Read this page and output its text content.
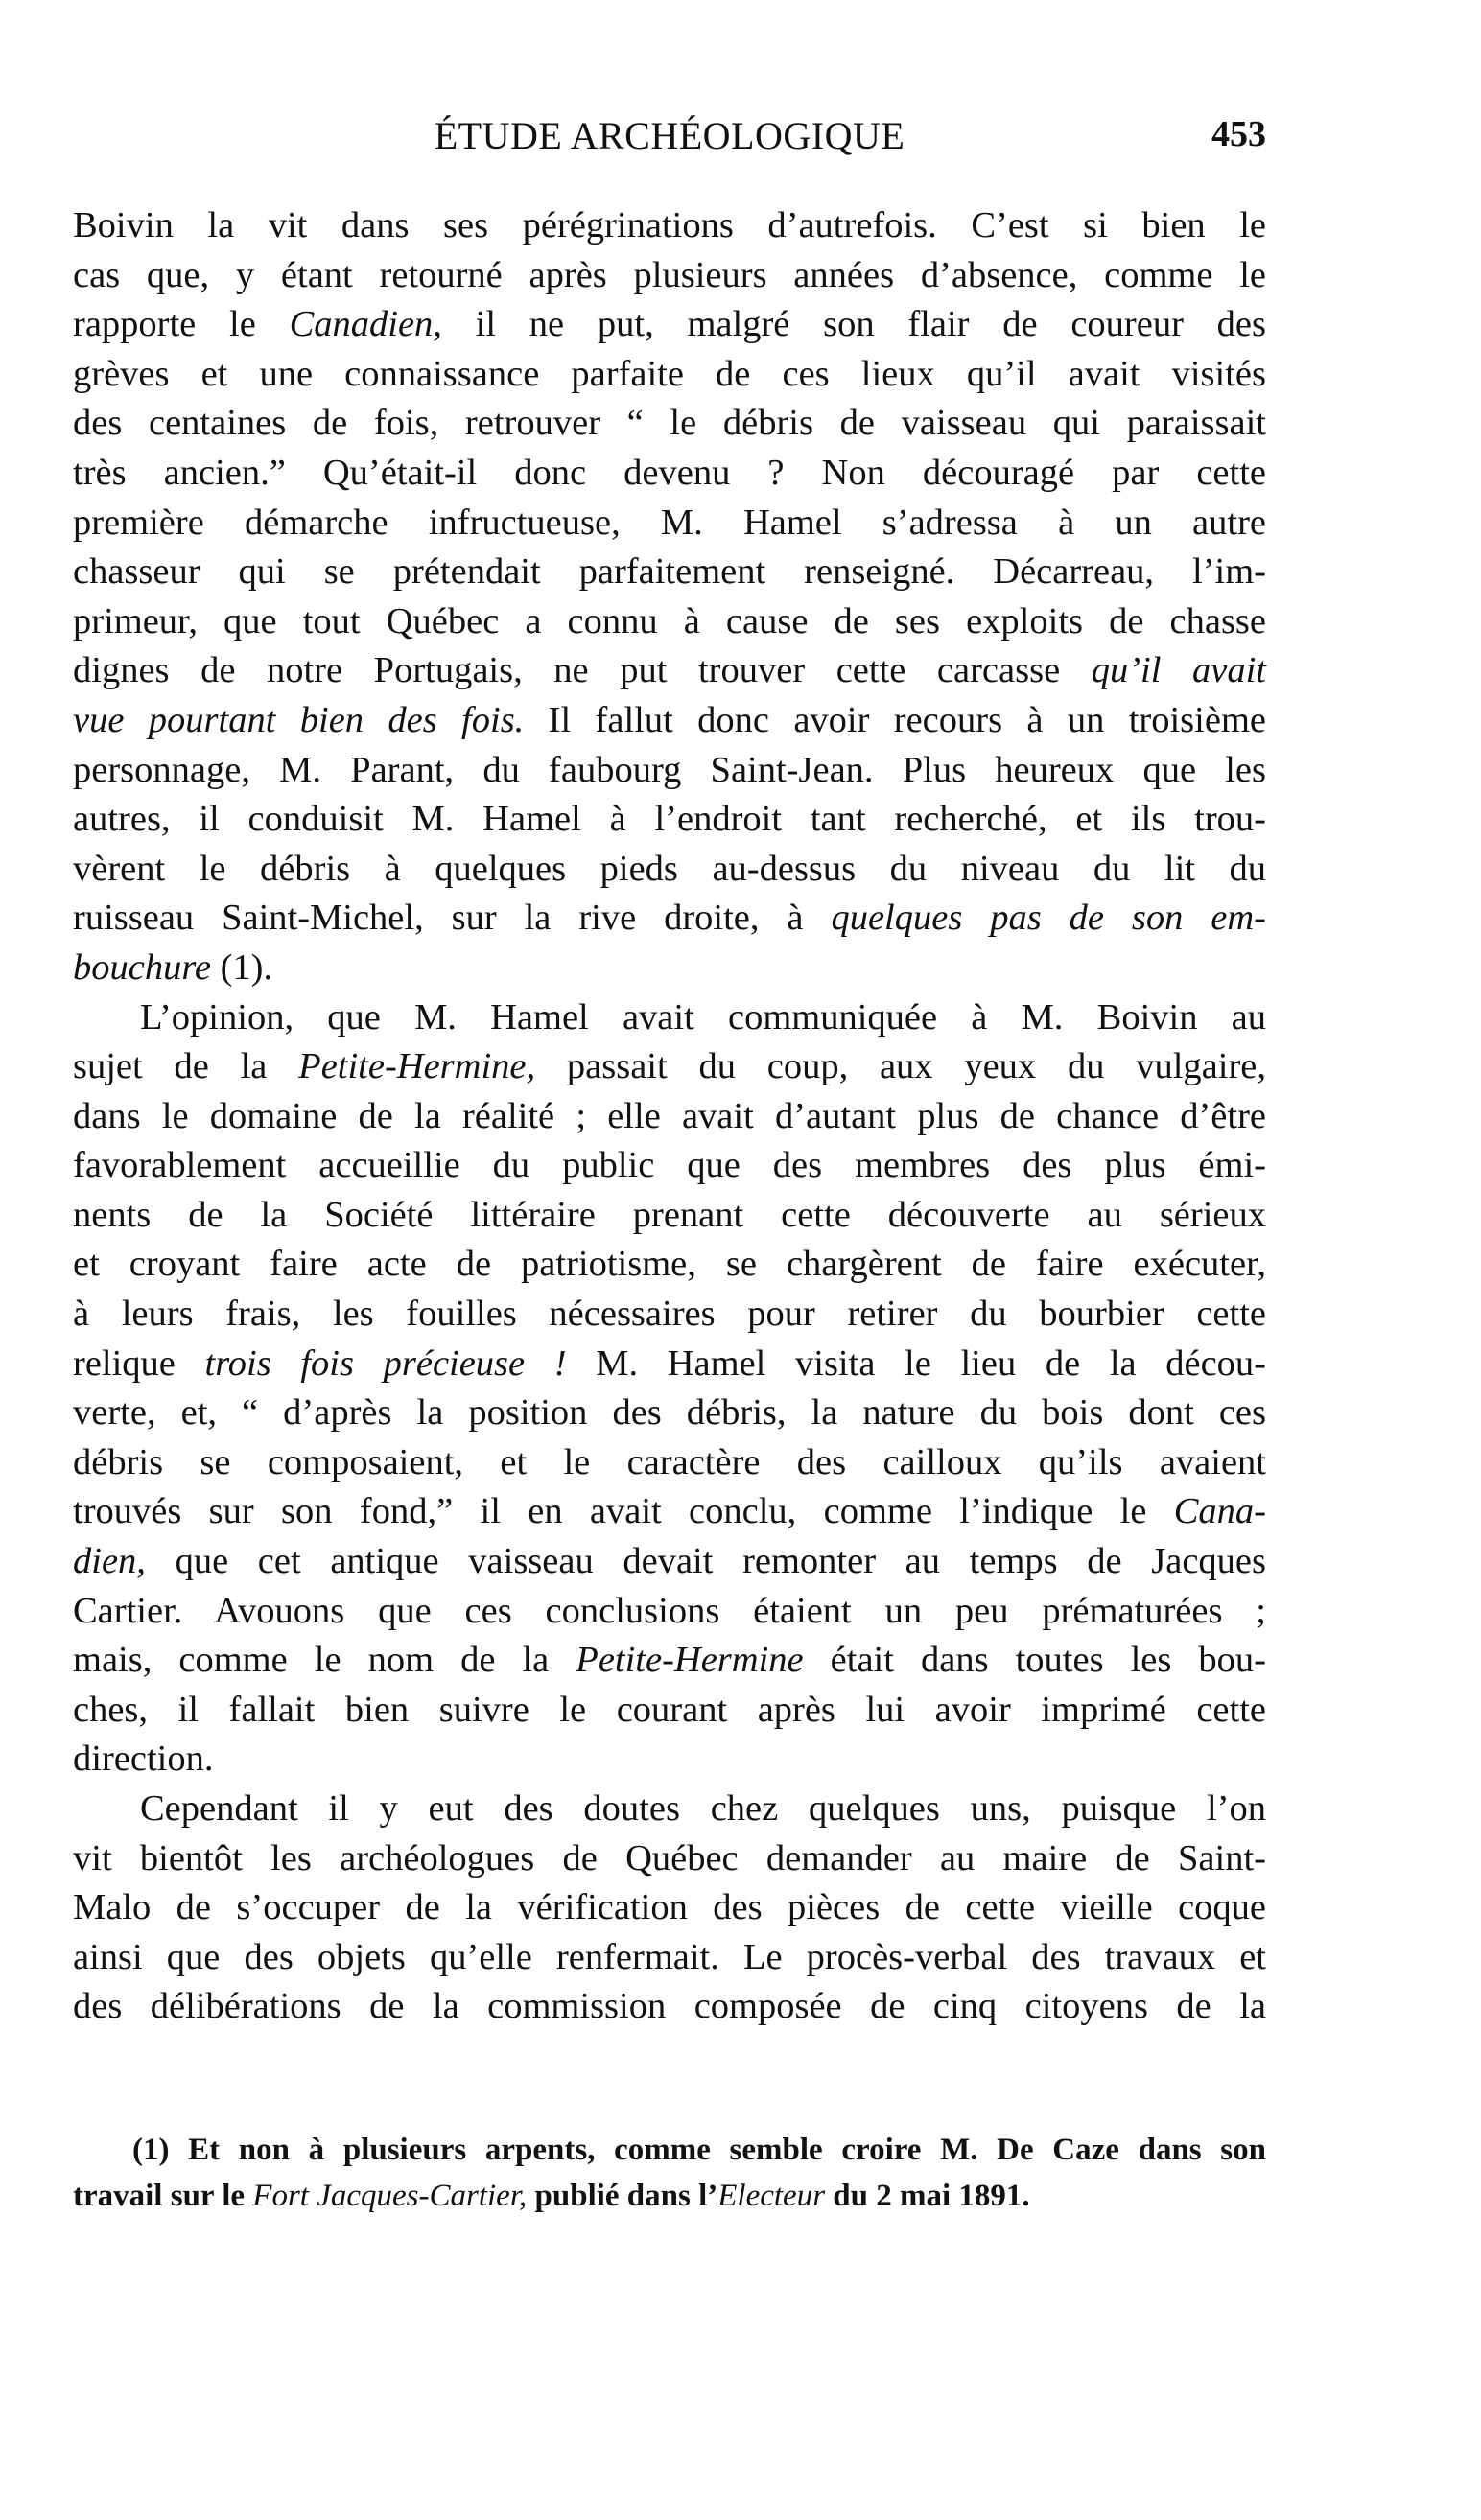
ÉTUDE ARCHÉOLOGIQUE	453
Boivin la vit dans ses pérégrinations d’autrefois. C’est si bien le
cas que, y étant retourné après plusieurs années d’absence, comme le
rapporte le Canadien, il ne put, malgré son flair de coureur des
grèves et une connaissance parfaite de ces lieux qu’il avait visités
des centaines de fois, retrouver “ le débris de vaisseau qui paraissait
très ancien.” Qu’était-il donc devenu ? Non découragé par cette
première démarche infructueuse, M. Hamel s’adressa à un autre
chasseur qui se prétendait parfaitement renseigné. Décarreau, l’im-
primeur, que tout Québec a connu à cause de ses exploits de chasse
dignes de notre Portugais, ne put trouver cette carcasse qu’il avait
vue pourtant bien des fois. Il fallut donc avoir recours à un troisième
personnage, M. Parant, du faubourg Saint-Jean. Plus heureux que les
autres, il conduisit M. Hamel à l’endroit tant recherché, et ils trou-
vèrent le débris à quelques pieds au-dessus du niveau du lit du
ruisseau Saint-Michel, sur la rive droite, à quelques pas de son em-
bouchure (1).
L’opinion, que M. Hamel avait communiquée à M. Boivin au
sujet de la Petite-Hermine, passait du coup, aux yeux du vulgaire,
dans le domaine de la réalité ; elle avait d’autant plus de chance d’être
favorablement accueillie du public que des membres des plus émi-
nents de la Société littéraire prenant cette découverte au sérieux
et croyant faire acte de patriotisme, se chargèrent de faire exécuter,
à leurs frais, les fouilles nécessaires pour retirer du bourbier cette
relique trois fois précieuse ! M. Hamel visita le lieu de la décou-
verte, et, “ d’après la position des débris, la nature du bois dont ces
débris se composaient, et le caractère des cailloux qu’ils avaient
trouvés sur son fond,” il en avait conclu, comme l’indique le Cana-
dien, que cet antique vaisseau devait remonter au temps de Jacques
Cartier. Avouons que ces conclusions étaient un peu prématurées ;
mais, comme le nom de la Petite-Hermine était dans toutes les bou-
ches, il fallait bien suivre le courant après lui avoir imprimé cette
direction.
Cependant il y eut des doutes chez quelques uns, puisque l’on
vit bientôt les archéologues de Québec demander au maire de Saint-
Malo de s’occuper de la vérification des pièces de cette vieille coque
ainsi que des objets qu’elle renfermait. Le procès-verbal des travaux et
des délibérations de la commission composée de cinq citoyens de la
(1) Et non à plusieurs arpents, comme semble croire M. De Caze dans son
travail sur le Fort Jacques-Cartier, publié dans l’Electeur du 2 mai 1891.
